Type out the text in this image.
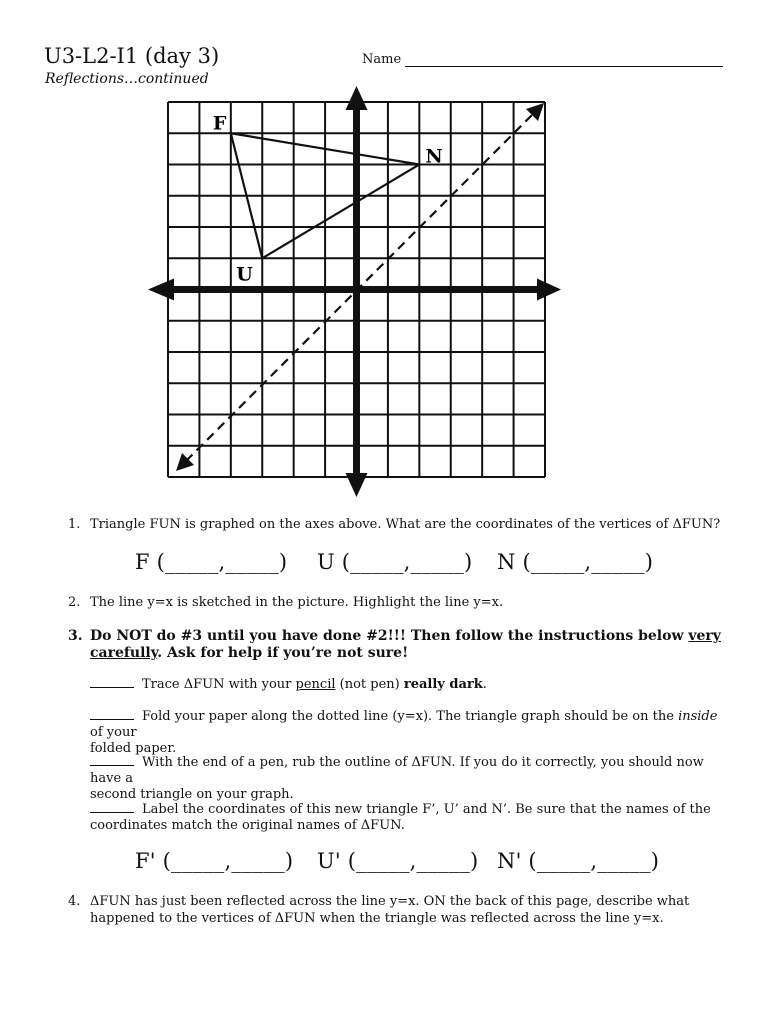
U3-L2-I1 (day 3)
Reflections…continued
Name
F
N
U
1. Triangle FUN is graphed on the axes above. What are the coordinates of the vertices of ΔFUN?
F (_____,_____) U (_____,_____) N (_____,_____)
2. The line y=x is sketched in the picture. Highlight the line y=x.
3. Do NOT do #3 until you have done #2!!! Then follow the instructions below very
carefully. Ask for help if you’re not sure!
Trace ΔFUN with your pencil (not pen) really dark.
Fold your paper along the dotted line (y=x). The triangle graph should be on the inside of your
folded paper.
With the end of a pen, rub the outline of ΔFUN. If you do it correctly, you should now have a
second triangle on your graph.
Label the coordinates of this new triangle F’, U’ and N’. Be sure that the names of the
coordinates match the original names of ΔFUN.
F' (_____,_____) U' (_____,_____) N' (_____,_____)
4. ΔFUN has just been reflected across the line y=x. ON the back of this page, describe what
happened to the vertices of ΔFUN when the triangle was reflected across the line y=x.
